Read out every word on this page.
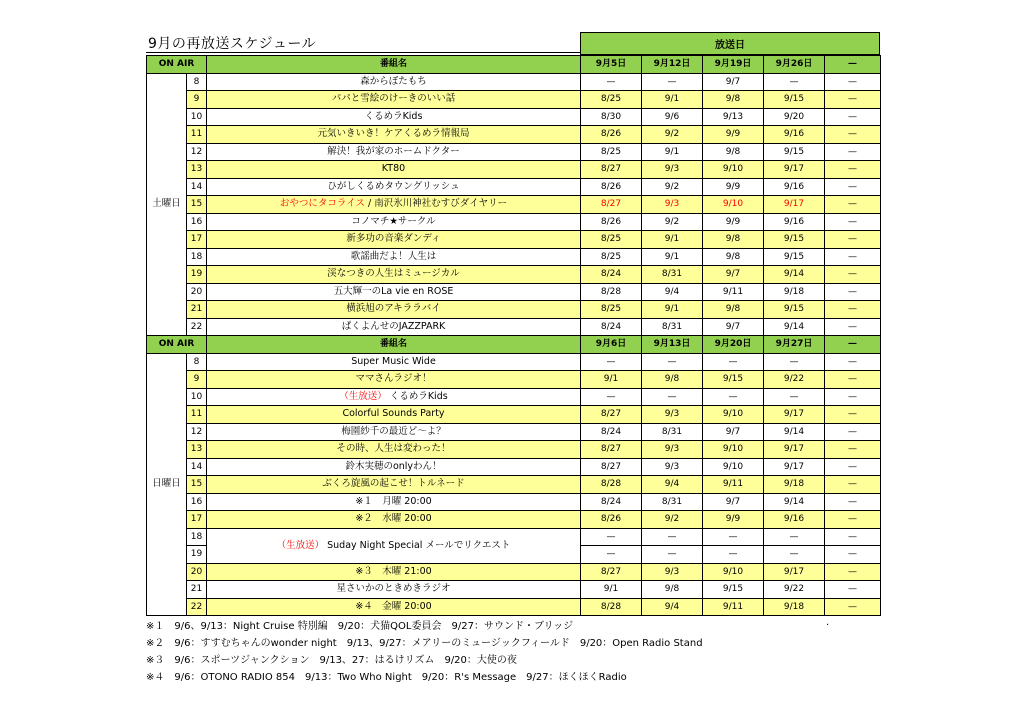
9月の再放送スケジュール	放送日
ON AIR		番組名	9月5日	9月12日	9月19日	9月26日	—
土曜日	8	森からぼたもち	—	—	9/7	—	—
	9	パパと雪絵のけーきのいい話	8/25	9/1	9/8	9/15	—
	10	くるめラKids	8/30	9/6	9/13	9/20	—
	11	元気いきいき！ケアくるめラ情報局	8/26	9/2	9/9	9/16	—
	12	解決！我が家のホームドクター	8/25	9/1	9/8	9/15	—
	13	KT80	8/27	9/3	9/10	9/17	—
	14	ひがしくるめタウングリッシュ	8/26	9/2	9/9	9/16	—
	15	おやつにタコライス / 南沢氷川神社むすびダイヤリー	8/27	9/3	9/10	9/17	—
	16	コノマチ★サークル	8/26	9/2	9/9	9/16	—
	17	新多功の音楽ダンディ	8/25	9/1	9/8	9/15	—
	18	歌謡曲だよ！人生は	8/25	9/1	9/8	9/15	—
	19	渓なつきの人生はミュージカル	8/24	8/31	9/7	9/14	—
	20	五大輝一のLa vie en ROSE	8/28	9/4	9/11	9/18	—
	21	横浜旭のアキララバイ	8/25	9/1	9/8	9/15	—
	22	ぱくよんせのJAZZPARK	8/24	8/31	9/7	9/14	—
ON AIR		番組名	9月6日	9月13日	9月20日	9月27日	—
日曜日	8	Super Music Wide	—	—	—	—	—
	9	ママさんラジオ！	9/1	9/8	9/15	9/22	—
	10	（生放送） くるめラKids	—	—	—	—	—
	11	Colorful Sounds Party	8/27	9/3	9/10	9/17	—
	12	梅園紗千の最近ど～よ？	8/24	8/31	9/7	9/14	—
	13	その時、人生は変わった！	8/27	9/3	9/10	9/17	—
	14	鈴木実穂のonlyわん！	8/27	9/3	9/10	9/17	—
	15	ぶくろ旋風の起こせ！トルネード	8/28	9/4	9/11	9/18	—
	16	※１　月曜 20:00	8/24	8/31	9/7	9/14	—
	17	※２　水曜 20:00	8/26	9/2	9/9	9/16	—
	18	（生放送） Suday Night Special メールでリクエスト	—	—	—	—	—
	19		—	—	—	—	—
	20	※３　木曜 21:00	8/27	9/3	9/10	9/17	—
	21	星さいかのときめきラジオ	9/1	9/8	9/15	9/22	—
	22	※４　金曜 20:00	8/28	9/4	9/11	9/18	—
※１　9/6、9/13：Night Cruise 特別編　9/20：犬猫QOL委員会　9/27：サウンド・ブリッジ
※２　9/6：すすむちゃんのwonder night　9/13、9/27：メアリーのミュージックフィールド　9/20：Open Radio Stand
※３　9/6：スポーツジャンクション　9/13、27：はるけリズム　9/20：大使の夜
※４　9/6：OTONO RADIO 854　9/13：Two Who Night　9/20：R's Message　9/27：ほくほくRadio
.
